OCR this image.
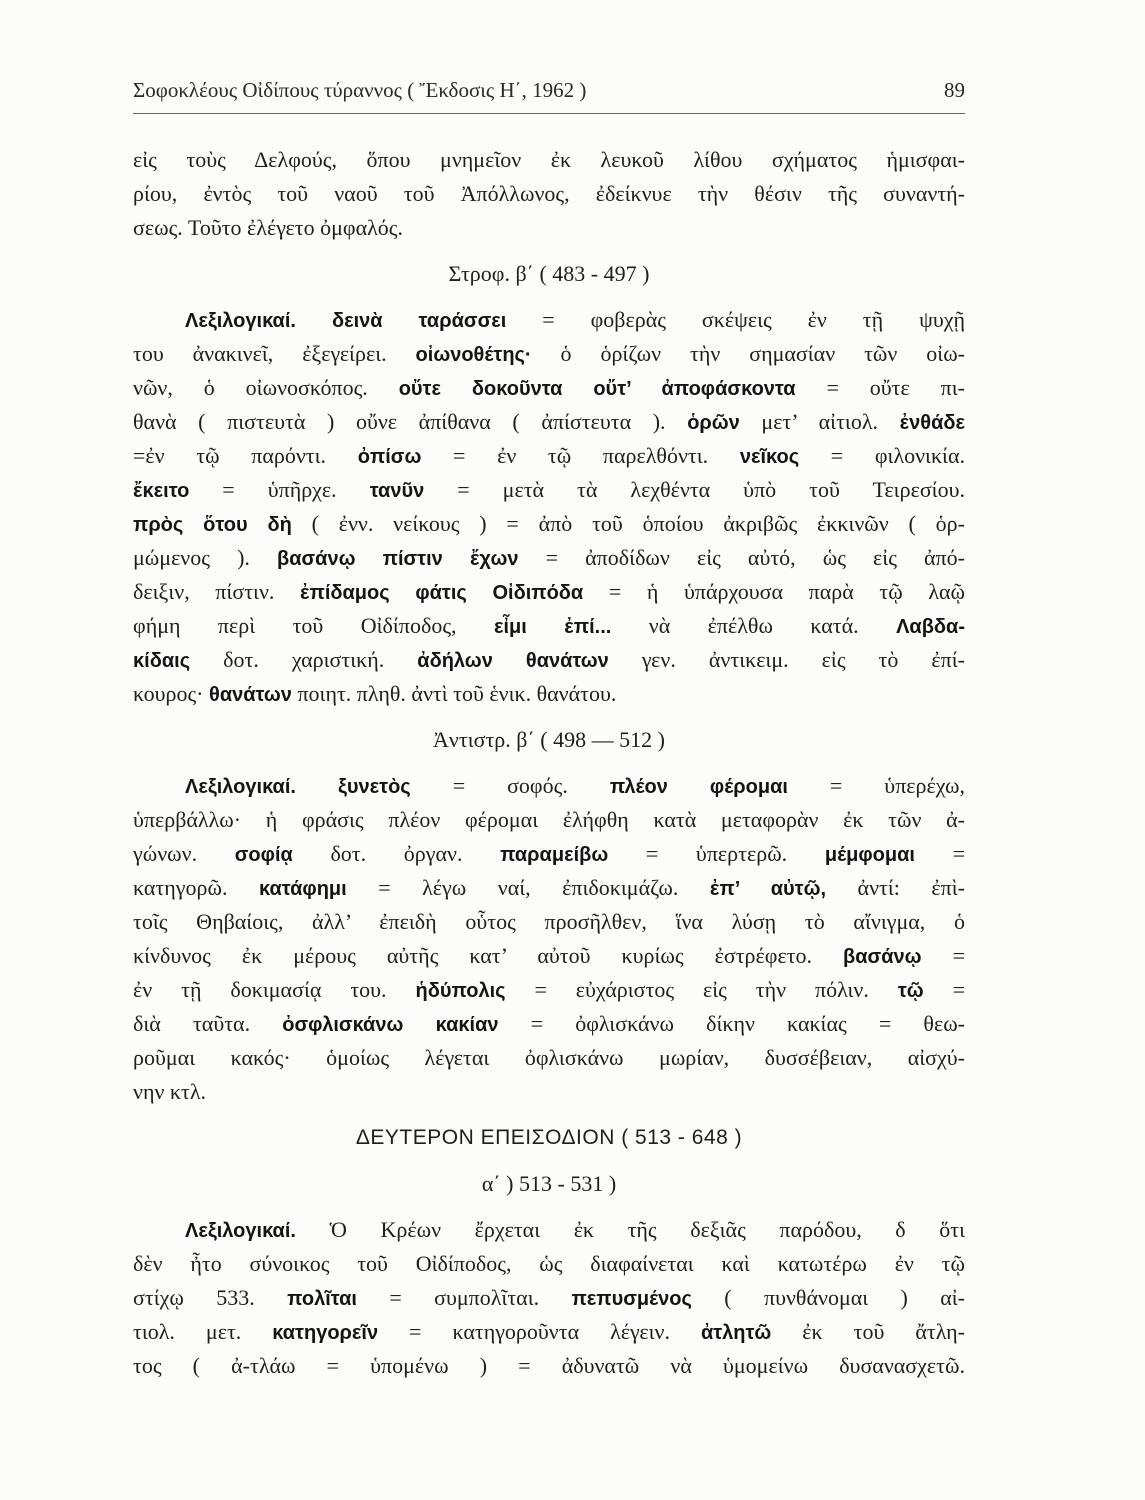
Σοφοκλέους Οἰδίπους τύραννος ( Ἔκδοσις Η΄, 1962 )	89
εἰς τοὺς Δελφούς, ὅπου μνημεῖον ἐκ λευκοῦ λίθου σχήματος ἡμισφαι-
ρίου, ἐντὸς τοῦ ναοῦ τοῦ Ἀπόλλωνος, ἐδείκνυε τὴν θέσιν τῆς συναντή-
σεως. Τοῦτο ἐλέγετο ὀμφαλός.
Στροφ. β΄ ( 483 - 497 )
Λεξιλογικαί. δεινὰ ταράσσει = φοβερὰς σκέψεις ἐν τῇ ψυχῇ
του ἀνακινεῖ, ἐξεγείρει. οἰωνοθέτης· ὁ ὁρίζων τὴν σημασίαν τῶν οἰω-
νῶν, ὁ οἰωνοσκόπος. οὔτε δοκοῦντα οὔτ’ ἀποφάσκοντα = οὔτε πι-
θανὰ ( πιστευτὰ ) οὔνε ἀπίθανα ( ἀπίστευτα ). ὁρῶν μετ’ αἰτιολ. ἐνθάδε
=ἐν τῷ παρόντι. ὀπίσω = ἐν τῷ παρελθόντι. νεῖκος = φιλονικία.
ἔκειτο = ὑπῆρχε. τανῦν = μετὰ τὰ λεχθέντα ὑπὸ τοῦ Τειρεσίου.
πρὸς ὅτου δὴ ( ἐνν. νείκους ) = ἀπὸ τοῦ ὁποίου ἀκριβῶς ἐκκινῶν ( ὁρ-
μώμενος ). βασάνῳ πίστιν ἔχων = ἀποδίδων εἰς αὐτό, ὡς εἰς ἀπό-
δειξιν, πίστιν. ἐπίδαμος φάτις Οἰδιπόδα = ἡ ὑπάρχουσα παρὰ τῷ λαῷ
φήμη περὶ τοῦ Οἰδίποδος, εἶμι ἐπί... νὰ ἐπέλθω κατά. Λαβδα-
κίδαις δοτ. χαριστική. ἀδήλων θανάτων γεν. ἀντικειμ. εἰς τὸ ἐπί-
κουρος· θανάτων ποιητ. πληθ. ἀντὶ τοῦ ἑνικ. θανάτου.
Ἀντιστρ. β΄ ( 498 — 512 )
Λεξιλογικαί. ξυνετὸς = σοφός. πλέον φέρομαι = ὑπερέχω,
ὑπερβάλλω· ἡ φράσις πλέον φέρομαι ἐλήφθη κατὰ μεταφορὰν ἐκ τῶν ἀ-
γώνων. σοφίᾳ δοτ. ὀργαν. παραμείβω = ὑπερτερῶ. μέμφομαι =
κατηγορῶ. κατάφημι = λέγω ναί, ἐπιδοκιμάζω. ἐπ’ αὐτῷ, ἀντί: ἐπὶ-
τοῖς Θηβαίοις, ἀλλ’ ἐπειδὴ οὗτος προσῆλθεν, ἵνα λύσῃ τὸ αἴνιγμα, ὁ
κίνδυνος ἐκ μέρους αὐτῆς κατ’ αὐτοῦ κυρίως ἐστρέφετο. βασάνῳ =
ἐν τῇ δοκιμασίᾳ του. ἡδύπολις = εὐχάριστος εἰς τὴν πόλιν. τῷ =
διὰ ταῦτα. ὀσφλισκάνω κακίαν = ὀφλισκάνω δίκην κακίας = θεω-
ροῦμαι κακός· ὁμοίως λέγεται ὀφλισκάνω μωρίαν, δυσσέβειαν, αἰσχύ-
νην κτλ.
ΔΕΥΤΕΡΟΝ ΕΠΕΙΣΟΔΙΟΝ ( 513 - 648 )
α΄ ) 513 - 531 )
Λεξιλογικαί. Ὁ Κρέων ἔρχεται ἐκ τῆς δεξιᾶς παρόδου, δ ὅτι
δὲν ἦτο σύνοικος τοῦ Οἰδίποδος, ὡς διαφαίνεται καὶ κατωτέρω ἐν τῷ
στίχῳ 533. πολῖται = συμπολῖται. πεπυσμένος ( πυνθάνομαι ) αἰ-
τιολ. μετ. κατηγορεῖν = κατηγοροῦντα λέγειν. ἀτλητῶ ἐκ τοῦ ἄτλη-
τος ( ἀ-τλάω = ὑπομένω ) = ἀδυνατῶ νὰ ὑμομείνω δυσανασχετῶ.
